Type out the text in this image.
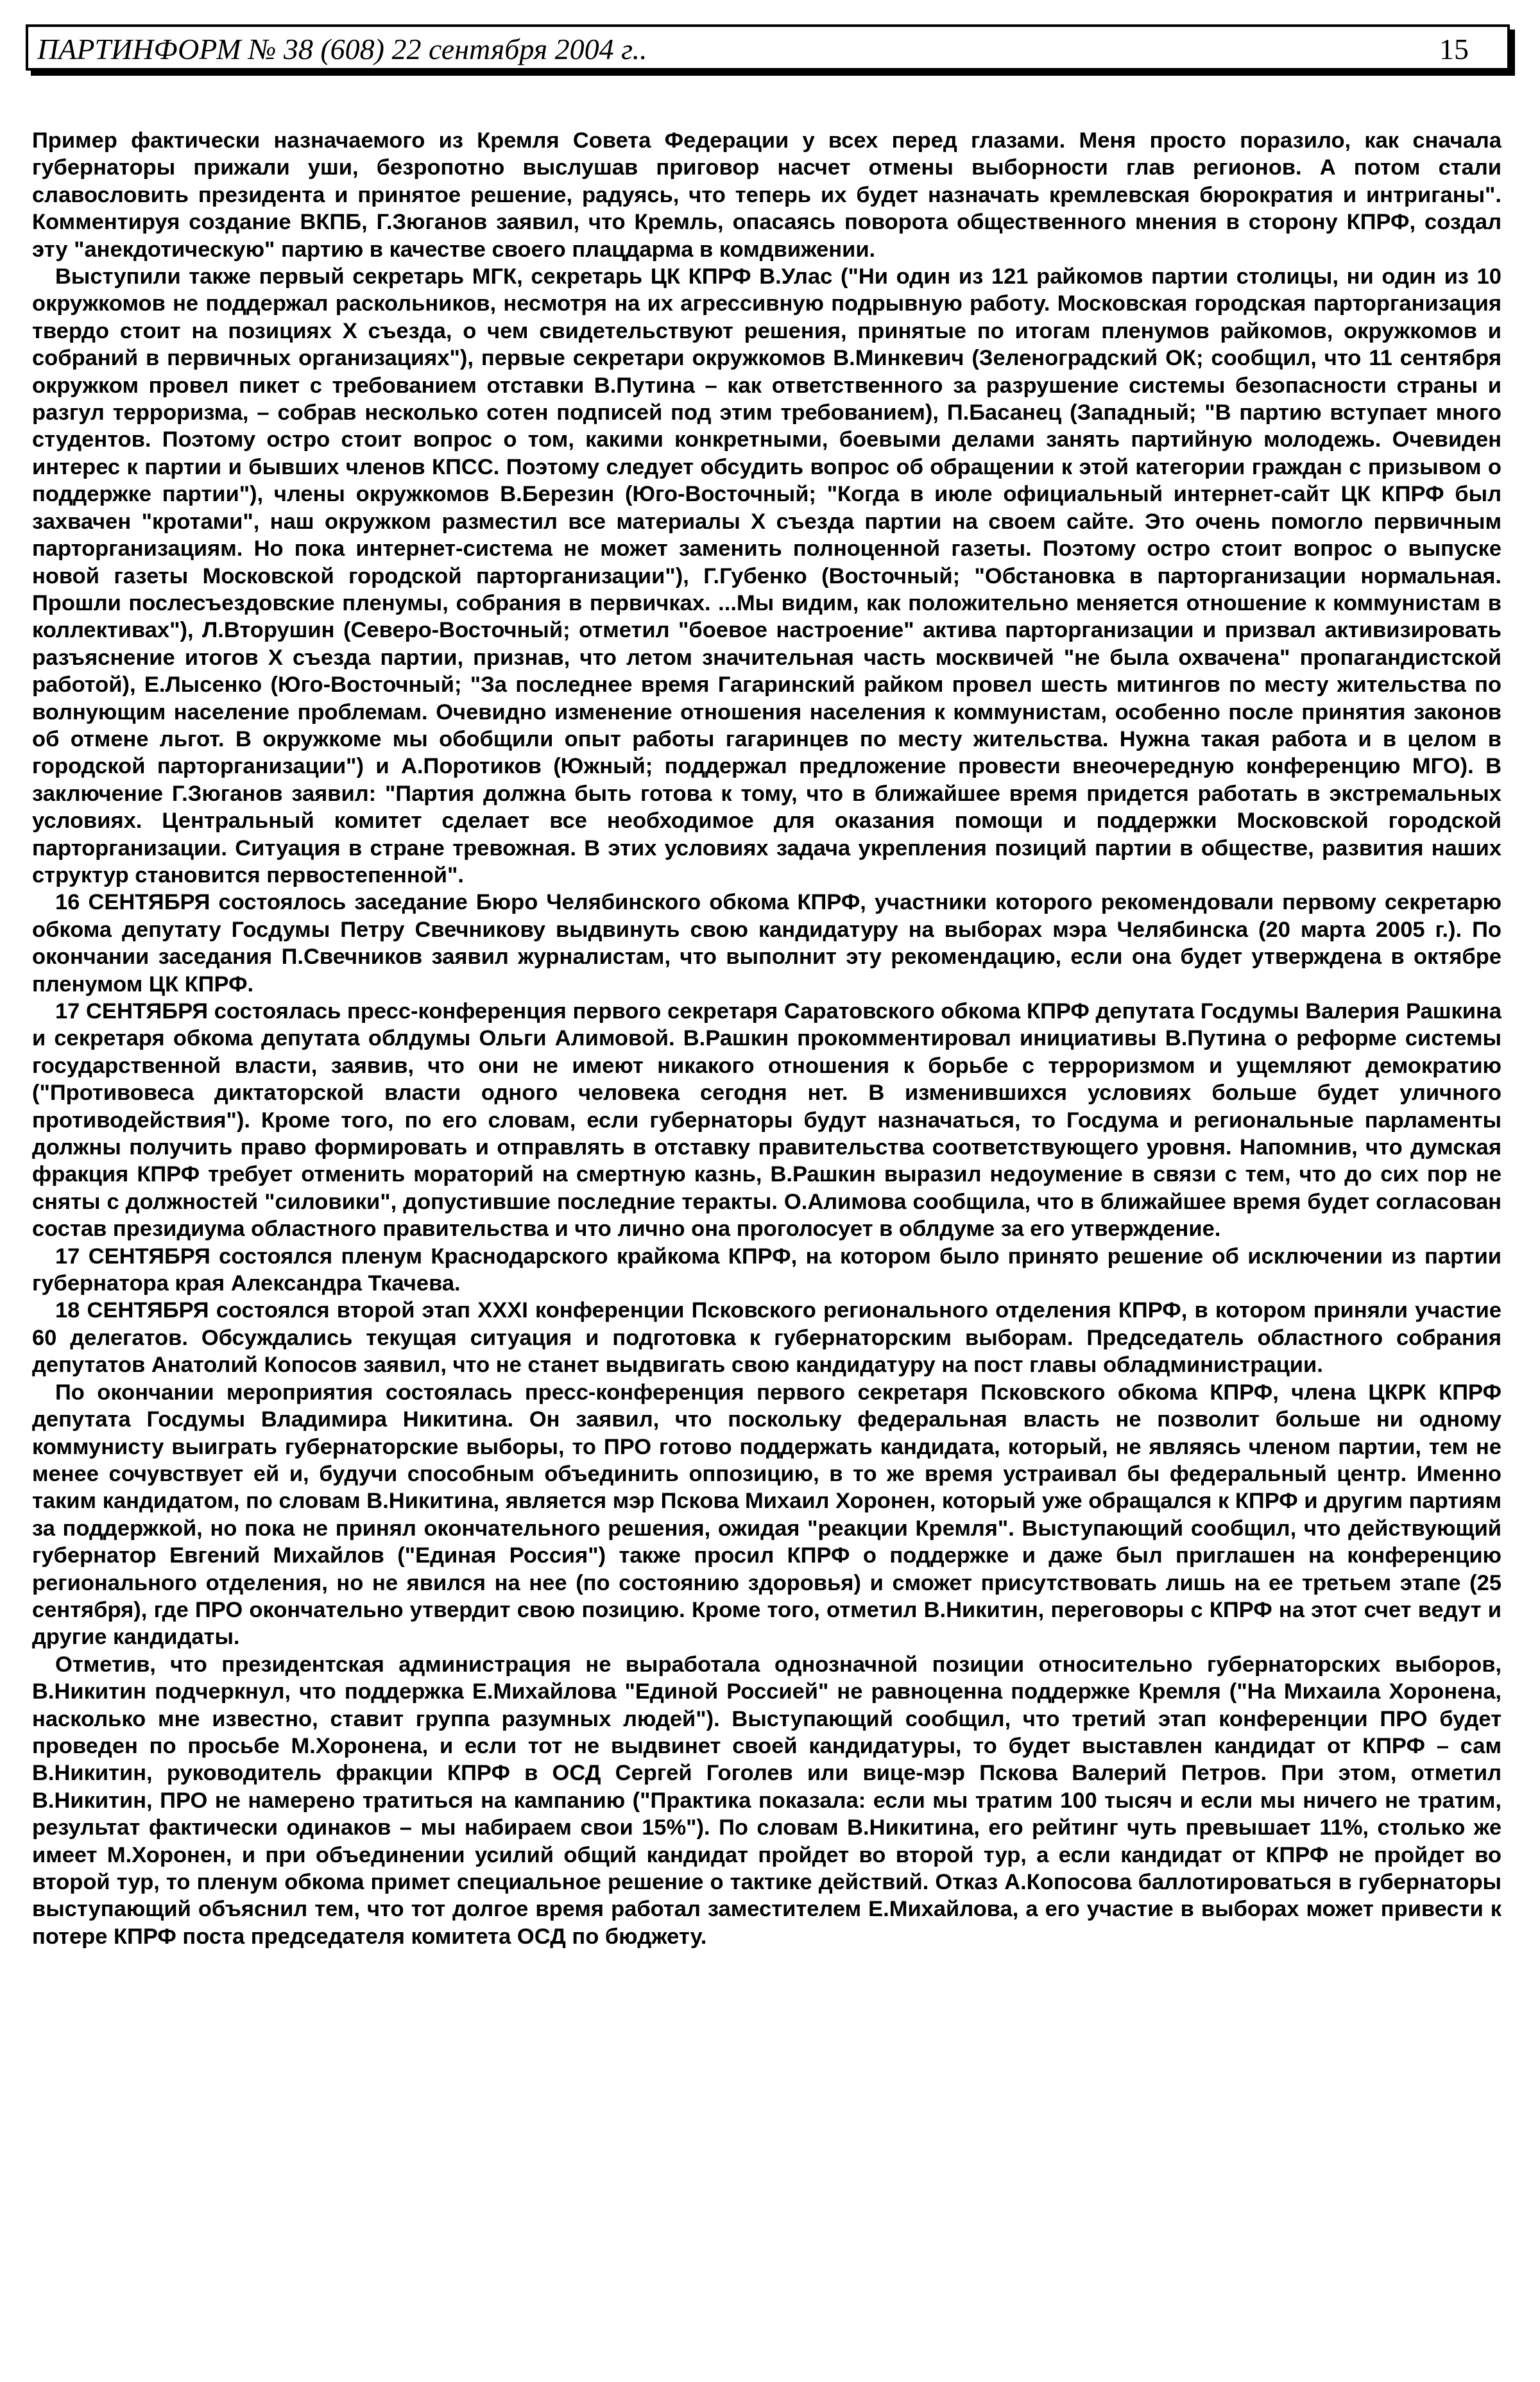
ПАРТИНФОРМ № 38 (608) 22 сентября 2004 г..	15

Пример фактически назначаемого из Кремля Совета Федерации у всех перед глазами. Меня просто поразило, как сначала губернаторы прижали уши, безропотно выслушав приговор насчет отмены выборности глав регионов. А потом стали славословить президента и принятое решение, радуясь, что теперь их будет назначать кремлевская бюрократия и интриганы". Комментируя создание ВКПБ, Г.Зюганов заявил, что Кремль, опасаясь поворота общественного мнения в сторону КПРФ, создал эту "анекдотическую" партию в качестве своего плацдарма в комдвижении.

Выступили также первый секретарь МГК, секретарь ЦК КПРФ В.Улас ("Ни один из 121 райкомов партии столицы, ни один из 10 окружкомов не поддержал раскольников, несмотря на их агрессивную подрывную работу. Московская городская парторганизация твердо стоит на позициях X съезда, о чем свидетельствуют решения, принятые по итогам пленумов райкомов, окружкомов и собраний в первичных организациях"), первые секретари окружкомов В.Минкевич (Зеленоградский ОК; сообщил, что 11 сентября окружком провел пикет с требованием отставки В.Путина – как ответственного за разрушение системы безопасности страны и разгул терроризма, – собрав несколько сотен подписей под этим требованием), П.Басанец (Западный; "В партию вступает много студентов. Поэтому остро стоит вопрос о том, какими конкретными, боевыми делами занять партийную молодежь. Очевиден интерес к партии и бывших членов КПСС. Поэтому следует обсудить вопрос об обращении к этой категории граждан с призывом о поддержке партии"), члены окружкомов В.Березин (Юго-Восточный; "Когда в июле официальный интернет-сайт ЦК КПРФ был захвачен "кротами", наш окружком разместил все материалы X съезда партии на своем сайте. Это очень помогло первичным парторганизациям. Но пока интернет-система не может заменить полноценной газеты. Поэтому остро стоит вопрос о выпуске новой газеты Московской городской парторганизации"), Г.Губенко (Восточный; "Обстановка в парторганизации нормальная. Прошли послесъездовские пленумы, собрания в первичках. ...Мы видим, как положительно меняется отношение к коммунистам в коллективах"), Л.Вторушин (Северо-Восточный; отметил "боевое настроение" актива парторганизации и призвал активизировать разъяснение итогов X съезда партии, признав, что летом значительная часть москвичей "не была охвачена" пропагандистской работой), Е.Лысенко (Юго-Восточный; "За последнее время Гагаринский райком провел шесть митингов по месту жительства по волнующим население проблемам. Очевидно изменение отношения населения к коммунистам, особенно после принятия законов об отмене льгот. В окружкоме мы обобщили опыт работы гагаринцев по месту жительства. Нужна такая работа и в целом в городской парторганизации") и А.Поротиков (Южный; поддержал предложение провести внеочередную конференцию МГО). В заключение Г.Зюганов заявил: "Партия должна быть готова к тому, что в ближайшее время придется работать в экстремальных условиях. Центральный комитет сделает все необходимое для оказания помощи и поддержки Московской городской парторганизации. Ситуация в стране тревожная. В этих условиях задача укрепления позиций партии в обществе, развития наших структур становится первостепенной".

16 СЕНТЯБРЯ состоялось заседание Бюро Челябинского обкома КПРФ, участники которого рекомендовали первому секретарю обкома депутату Госдумы Петру Свечникову выдвинуть свою кандидатуру на выборах мэра Челябинска (20 марта 2005 г.). По окончании заседания П.Свечников заявил журналистам, что выполнит эту рекомендацию, если она будет утверждена в октябре пленумом ЦК КПРФ.

17 СЕНТЯБРЯ состоялась пресс-конференция первого секретаря Саратовского обкома КПРФ депутата Госдумы Валерия Рашкина и секретаря обкома депутата облдумы Ольги Алимовой. В.Рашкин прокомментировал инициативы В.Путина о реформе системы государственной власти, заявив, что они не имеют никакого отношения к борьбе с терроризмом и ущемляют демократию ("Противовеса диктаторской власти одного человека сегодня нет. В изменившихся условиях больше будет уличного противодействия"). Кроме того, по его словам, если губернаторы будут назначаться, то Госдума и региональные парламенты должны получить право формировать и отправлять в отставку правительства соответствующего уровня. Напомнив, что думская фракция КПРФ требует отменить мораторий на смертную казнь, В.Рашкин выразил недоумение в связи с тем, что до сих пор не сняты с должностей "силовики", допустившие последние теракты. О.Алимова сообщила, что в ближайшее время будет согласован состав президиума областного правительства и что лично она проголосует в облдуме за его утверждение.

17 СЕНТЯБРЯ состоялся пленум Краснодарского крайкома КПРФ, на котором было принято решение об исключении из партии губернатора края Александра Ткачева.

18 СЕНТЯБРЯ состоялся второй этап XXXI конференции Псковского регионального отделения КПРФ, в котором приняли участие 60 делегатов. Обсуждались текущая ситуация и подготовка к губернаторским выборам. Председатель областного собрания депутатов Анатолий Копосов заявил, что не станет выдвигать свою кандидатуру на пост главы обладминистрации.

По окончании мероприятия состоялась пресс-конференция первого секретаря Псковского обкома КПРФ, члена ЦКРК КПРФ депутата Госдумы Владимира Никитина. Он заявил, что поскольку федеральная власть не позволит больше ни одному коммунисту выиграть губернаторские выборы, то ПРО готово поддержать кандидата, который, не являясь членом партии, тем не менее сочувствует ей и, будучи способным объединить оппозицию, в то же время устраивал бы федеральный центр. Именно таким кандидатом, по словам В.Никитина, является мэр Пскова Михаил Хоронен, который уже обращался к КПРФ и другим партиям за поддержкой, но пока не принял окончательного решения, ожидая "реакции Кремля". Выступающий сообщил, что действующий губернатор Евгений Михайлов ("Единая Россия") также просил КПРФ о поддержке и даже был приглашен на конференцию регионального отделения, но не явился на нее (по состоянию здоровья) и сможет присутствовать лишь на ее третьем этапе (25 сентября), где ПРО окончательно утвердит свою позицию. Кроме того, отметил В.Никитин, переговоры с КПРФ на этот счет ведут и другие кандидаты.

Отметив, что президентская администрация не выработала однозначной позиции относительно губернаторских выборов, В.Никитин подчеркнул, что поддержка Е.Михайлова "Единой Россией" не равноценна поддержке Кремля ("На Михаила Хоронена, насколько мне известно, ставит группа разумных людей"). Выступающий сообщил, что третий этап конференции ПРО будет проведен по просьбе М.Хоронена, и если тот не выдвинет своей кандидатуры, то будет выставлен кандидат от КПРФ – сам В.Никитин, руководитель фракции КПРФ в ОСД Сергей Гоголев или вице-мэр Пскова Валерий Петров. При этом, отметил В.Никитин, ПРО не намерено тратиться на кампанию ("Практика показала: если мы тратим 100 тысяч и если мы ничего не тратим, результат фактически одинаков – мы набираем свои 15%"). По словам В.Никитина, его рейтинг чуть превышает 11%, столько же имеет М.Хоронен, и при объединении усилий общий кандидат пройдет во второй тур, а если кандидат от КПРФ не пройдет во второй тур, то пленум обкома примет специальное решение о тактике действий. Отказ А.Копосова баллотироваться в губернаторы выступающий объяснил тем, что тот долгое время работал заместителем Е.Михайлова, а его участие в выборах может привести к потере КПРФ поста председателя комитета ОСД по бюджету.
